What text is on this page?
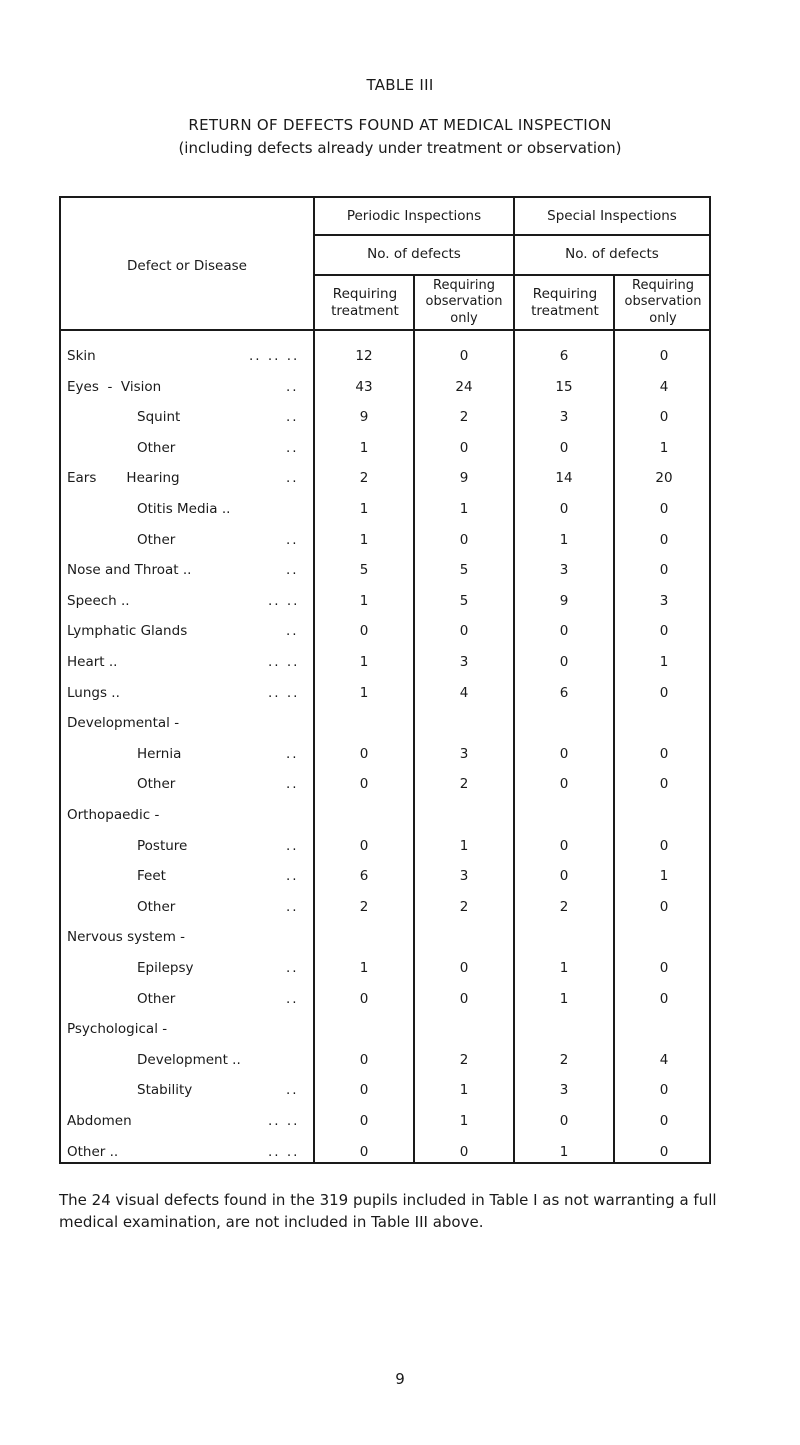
TABLE III
RETURN OF DEFECTS FOUND AT MEDICAL INSPECTION
(including defects already under treatment or observation)
Defect or Disease
Periodic Inspections	Special Inspections
No. of defects	No. of defects
Requiring treatment
Requiring observation only
Requiring treatment
Requiring observation only
Skin	.. .. ..	12	0	6	0
Eyes  -  Vision	..	43	24	15	4
Squint	..	9	2	3	0
Other	..	1	0	0	1
Ears       Hearing	..	2	9	14	20
Otitis Media ..	1	1	0	0
Other	..	1	0	1	0
Nose and Throat ..	..	5	5	3	0
Speech ..	.. ..	1	5	9	3
Lymphatic Glands	..	0	0	0	0
Heart ..	.. ..	1	3	0	1
Lungs ..	.. ..	1	4	6	0
Developmental -
Hernia	..	0	3	0	0
Other	..	0	2	0	0
Orthopaedic -
Posture	..	0	1	0	0
Feet	..	6	3	0	1
Other	..	2	2	2	0
Nervous system -
Epilepsy	..	1	0	1	0
Other	..	0	0	1	0
Psychological -
Development ..	0	2	2	4
Stability	..	0	1	3	0
Abdomen	.. ..	0	1	0	0
Other ..	.. ..	0	0	1	0
The 24 visual defects found in the 319 pupils included in Table I as not warranting a full medical examination, are not included in Table III above.
9
